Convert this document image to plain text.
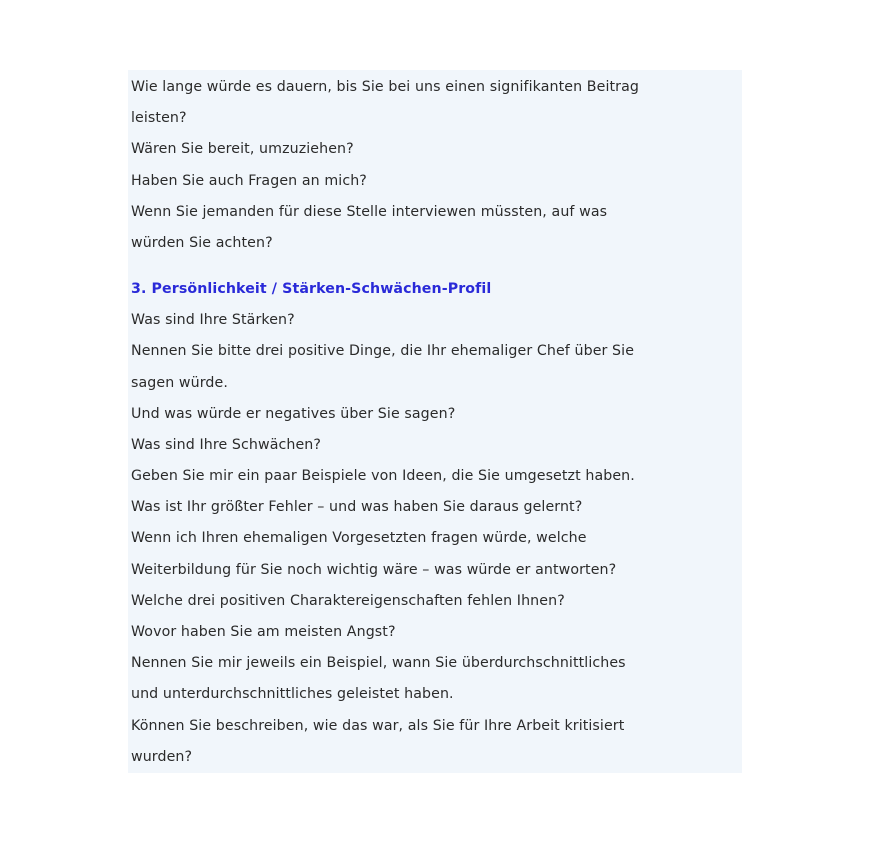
Wie lange würde es dauern, bis Sie bei uns einen signifikanten Beitrag
leisten?
Wären Sie bereit, umzuziehen?
Haben Sie auch Fragen an mich?
Wenn Sie jemanden für diese Stelle interviewen müssten, auf was
würden Sie achten?
3. Persönlichkeit / Stärken-Schwächen-Profil
Was sind Ihre Stärken?
Nennen Sie bitte drei positive Dinge, die Ihr ehemaliger Chef über Sie
sagen würde.
Und was würde er negatives über Sie sagen?
Was sind Ihre Schwächen?
Geben Sie mir ein paar Beispiele von Ideen, die Sie umgesetzt haben.
Was ist Ihr größter Fehler – und was haben Sie daraus gelernt?
Wenn ich Ihren ehemaligen Vorgesetzten fragen würde, welche
Weiterbildung für Sie noch wichtig wäre – was würde er antworten?
Welche drei positiven Charaktereigenschaften fehlen Ihnen?
Wovor haben Sie am meisten Angst?
Nennen Sie mir jeweils ein Beispiel, wann Sie überdurchschnittliches
und unterdurchschnittliches geleistet haben.
Können Sie beschreiben, wie das war, als Sie für Ihre Arbeit kritisiert
wurden?
